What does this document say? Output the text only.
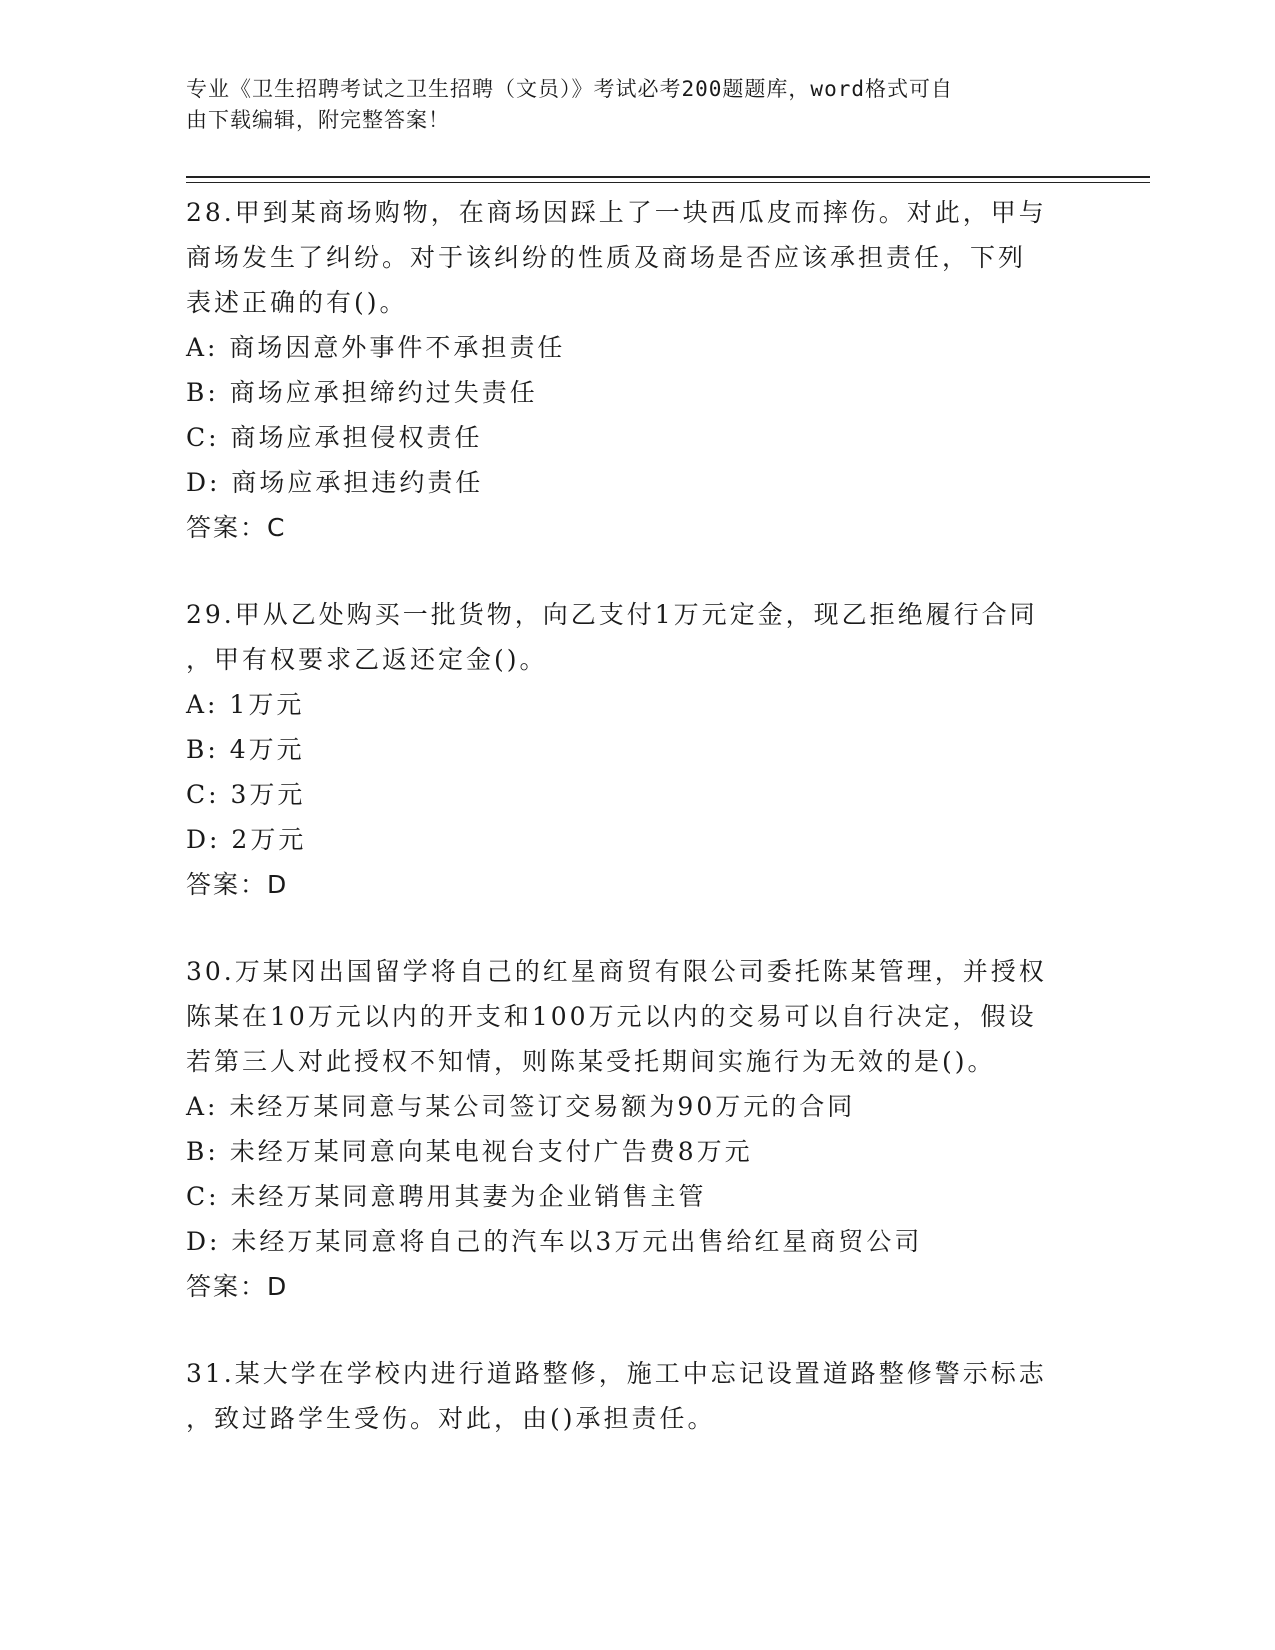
专业《卫生招聘考试之卫生招聘（文员）》考试必考200题题库，word格式可自
由下载编辑，附完整答案！
28.甲到某商场购物，在商场因踩上了一块西瓜皮而摔伤。对此，甲与
商场发生了纠纷。对于该纠纷的性质及商场是否应该承担责任，下列
表述正确的有()。
A: 商场因意外事件不承担责任
B: 商场应承担缔约过失责任
C: 商场应承担侵权责任
D: 商场应承担违约责任
答案：C
29.甲从乙处购买一批货物，向乙支付1万元定金，现乙拒绝履行合同
，甲有权要求乙返还定金()。
A: 1万元
B: 4万元
C: 3万元
D: 2万元
答案：D
30.万某冈出国留学将自己的红星商贸有限公司委托陈某管理，并授权
陈某在10万元以内的开支和100万元以内的交易可以自行决定，假设
若第三人对此授权不知情，则陈某受托期间实施行为无效的是()。
A: 未经万某同意与某公司签订交易额为90万元的合同
B: 未经万某同意向某电视台支付广告费8万元
C: 未经万某同意聘用其妻为企业销售主管
D: 未经万某同意将自己的汽车以3万元出售给红星商贸公司
答案：D
31.某大学在学校内进行道路整修，施工中忘记设置道路整修警示标志
，致过路学生受伤。对此，由()承担责任。
